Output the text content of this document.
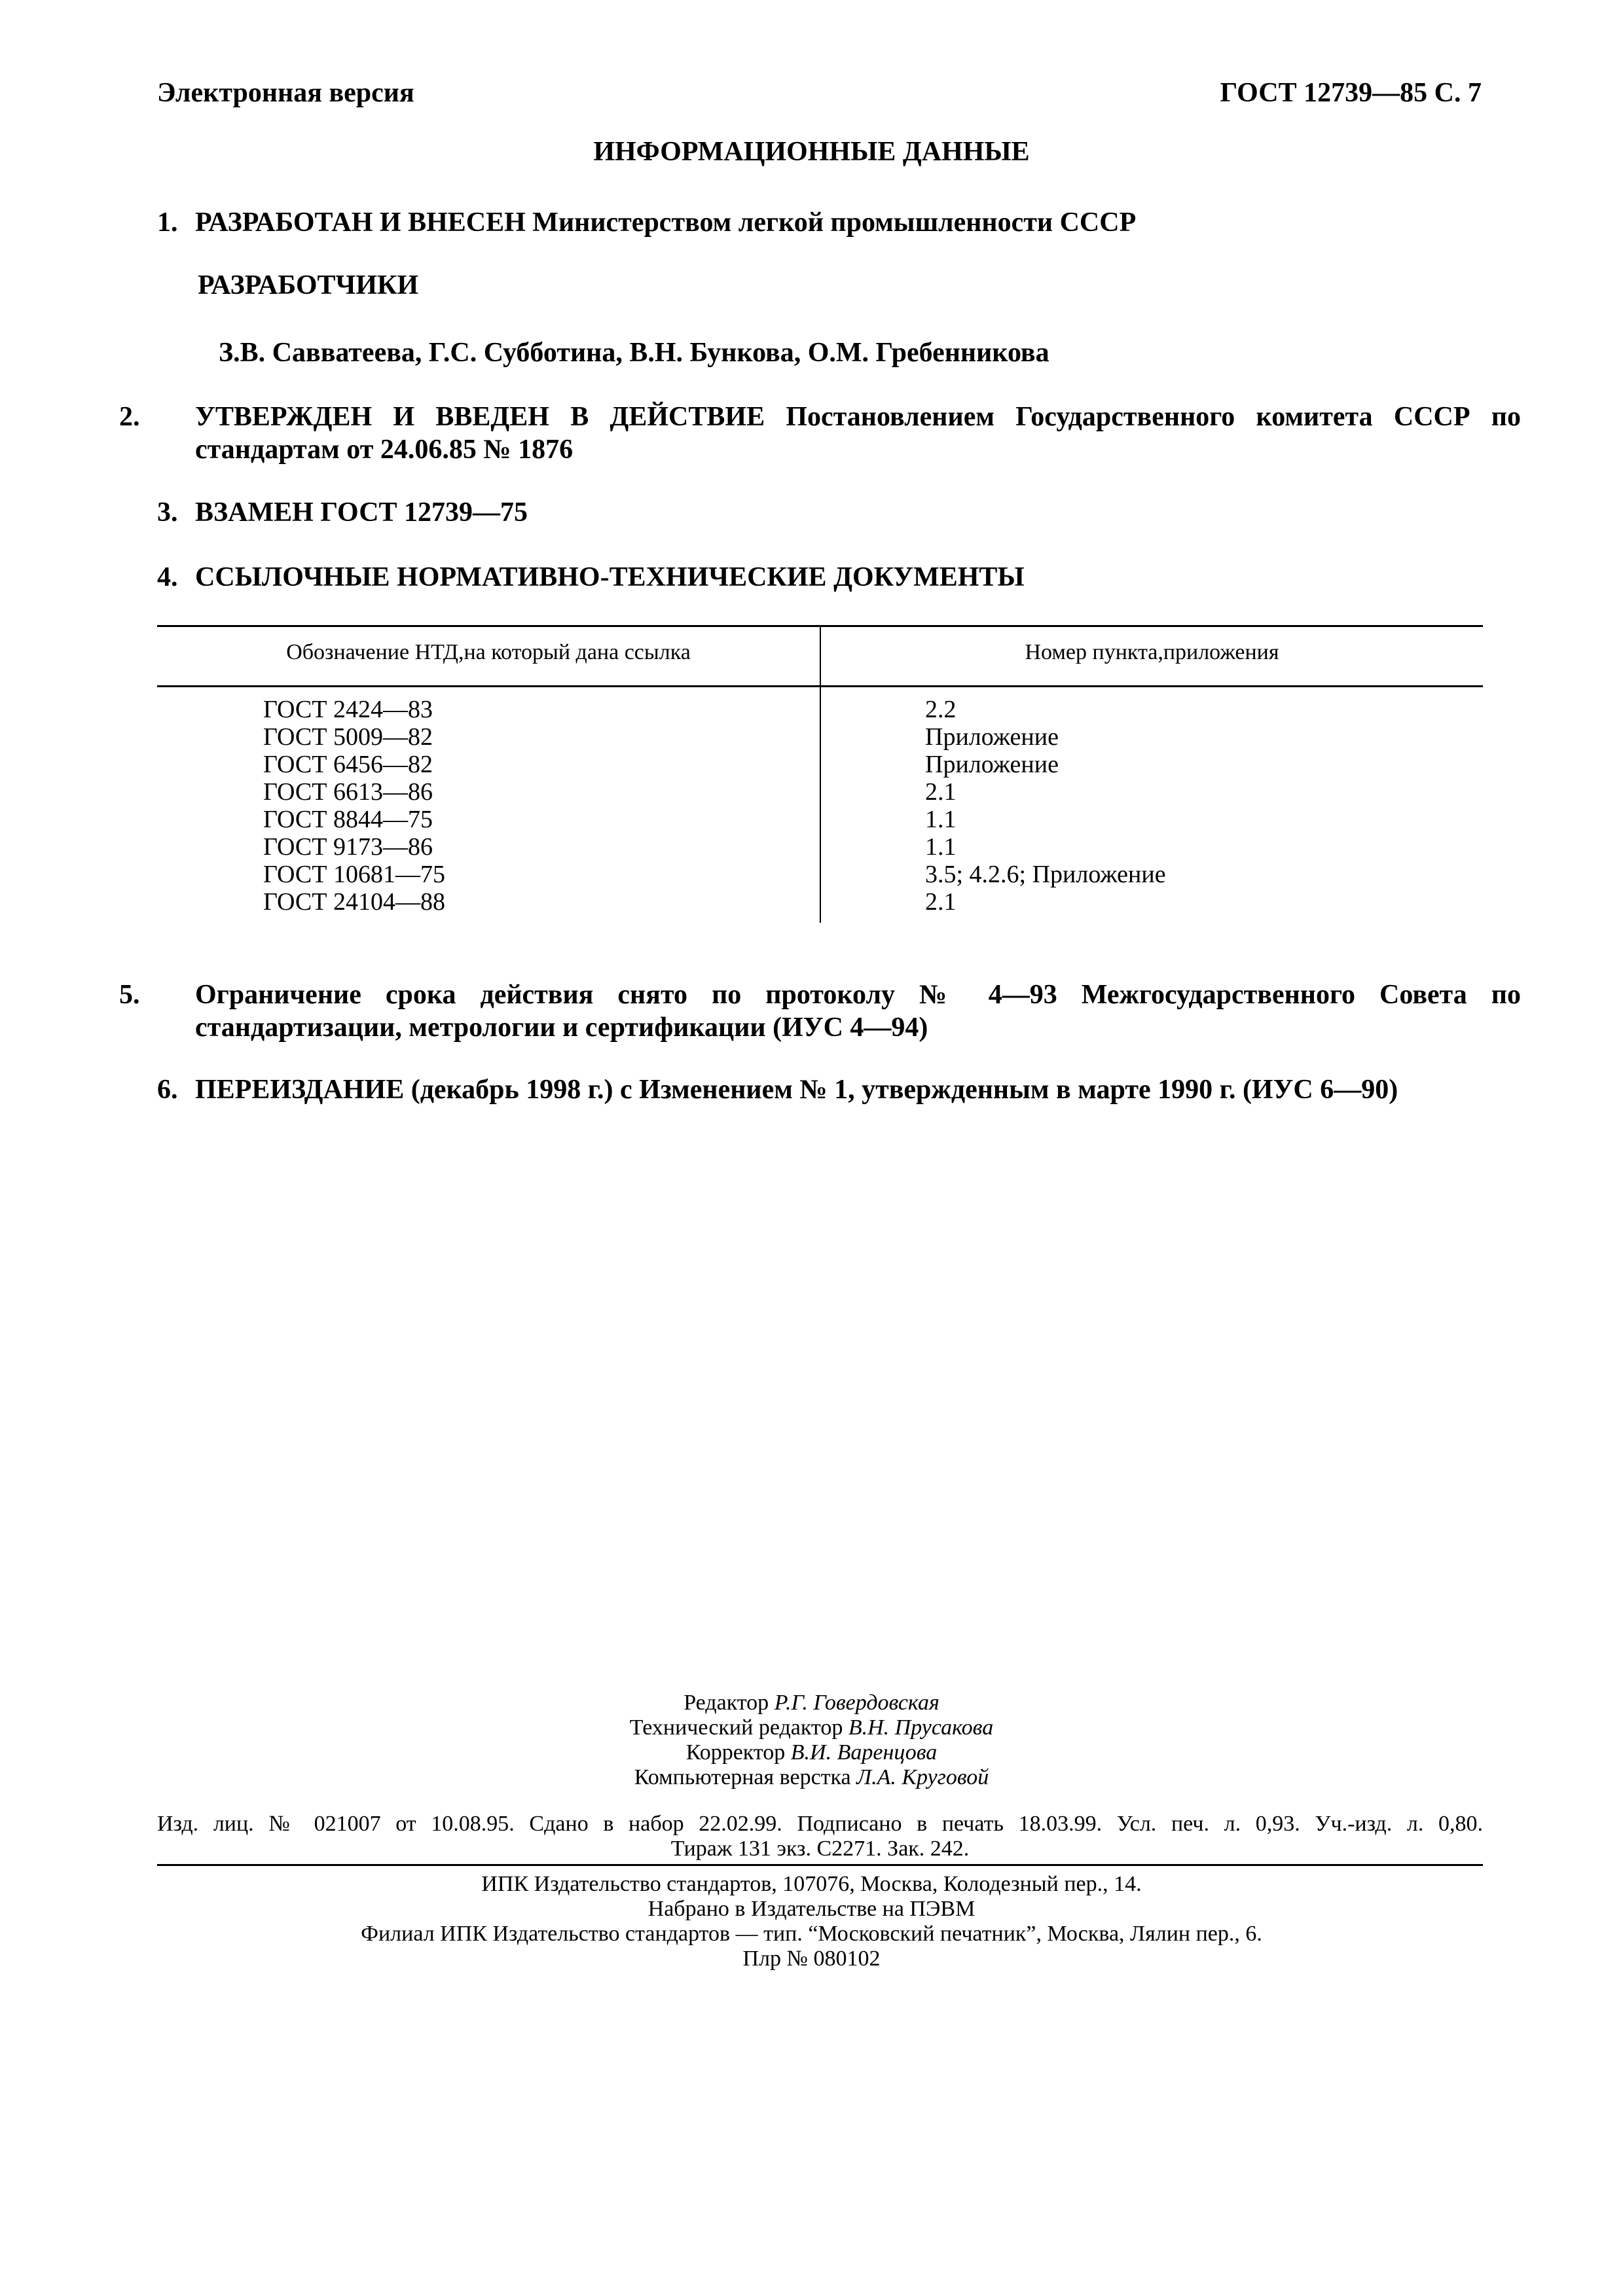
Электронная версия	ГОСТ 12739—85 С. 7
ИНФОРМАЦИОННЫЕ ДАННЫЕ
1. РАЗРАБОТАН И ВНЕСЕН Министерством легкой промышленности СССР
РАЗРАБОТЧИКИ
З.В. Савватеева, Г.С. Субботина, В.Н. Бункова, О.М. Гребенникова
2. УТВЕРЖДЕН И ВВЕДЕН В ДЕЙСТВИЕ Постановлением Государственного комитета СССР по стандартам от 24.06.85 № 1876
3. ВЗАМЕН ГОСТ 12739—75
4. ССЫЛОЧНЫЕ НОРМАТИВНО-ТЕХНИЧЕСКИЕ ДОКУМЕНТЫ
Обозначение НТД,на который дана ссылка	Номер пункта,приложения
ГОСТ 2424—83
ГОСТ 5009—82
ГОСТ 6456—82
ГОСТ 6613—86
ГОСТ 8844—75
ГОСТ 9173—86
ГОСТ 10681—75
ГОСТ 24104—88
2.2
Приложение
Приложение
2.1
1.1
1.1
3.5; 4.2.6; Приложение
2.1
5. Ограничение срока действия снято по протоколу № 4—93 Межгосударственного Совета по стандартизации, метрологии и сертификации (ИУС 4—94)
6. ПЕРЕИЗДАНИЕ (декабрь 1998 г.) с Изменением № 1, утвержденным в марте 1990 г. (ИУС 6—90)
Редактор Р.Г. Говердовская
Технический редактор В.Н. Прусакова
Корректор В.И. Варенцова
Компьютерная верстка Л.А. Круговой
Изд. лиц. № 021007 от 10.08.95. Сдано в набор 22.02.99. Подписано в печать 18.03.99. Усл. печ. л. 0,93. Уч.-изд. л. 0,80.
Тираж 131 экз. С2271. Зак. 242.
ИПК Издательство стандартов, 107076, Москва, Колодезный пер., 14.
Набрано в Издательстве на ПЭВМ
Филиал ИПК Издательство стандартов — тип. “Московский печатник”, Москва, Лялин пер., 6.
Плр № 080102
